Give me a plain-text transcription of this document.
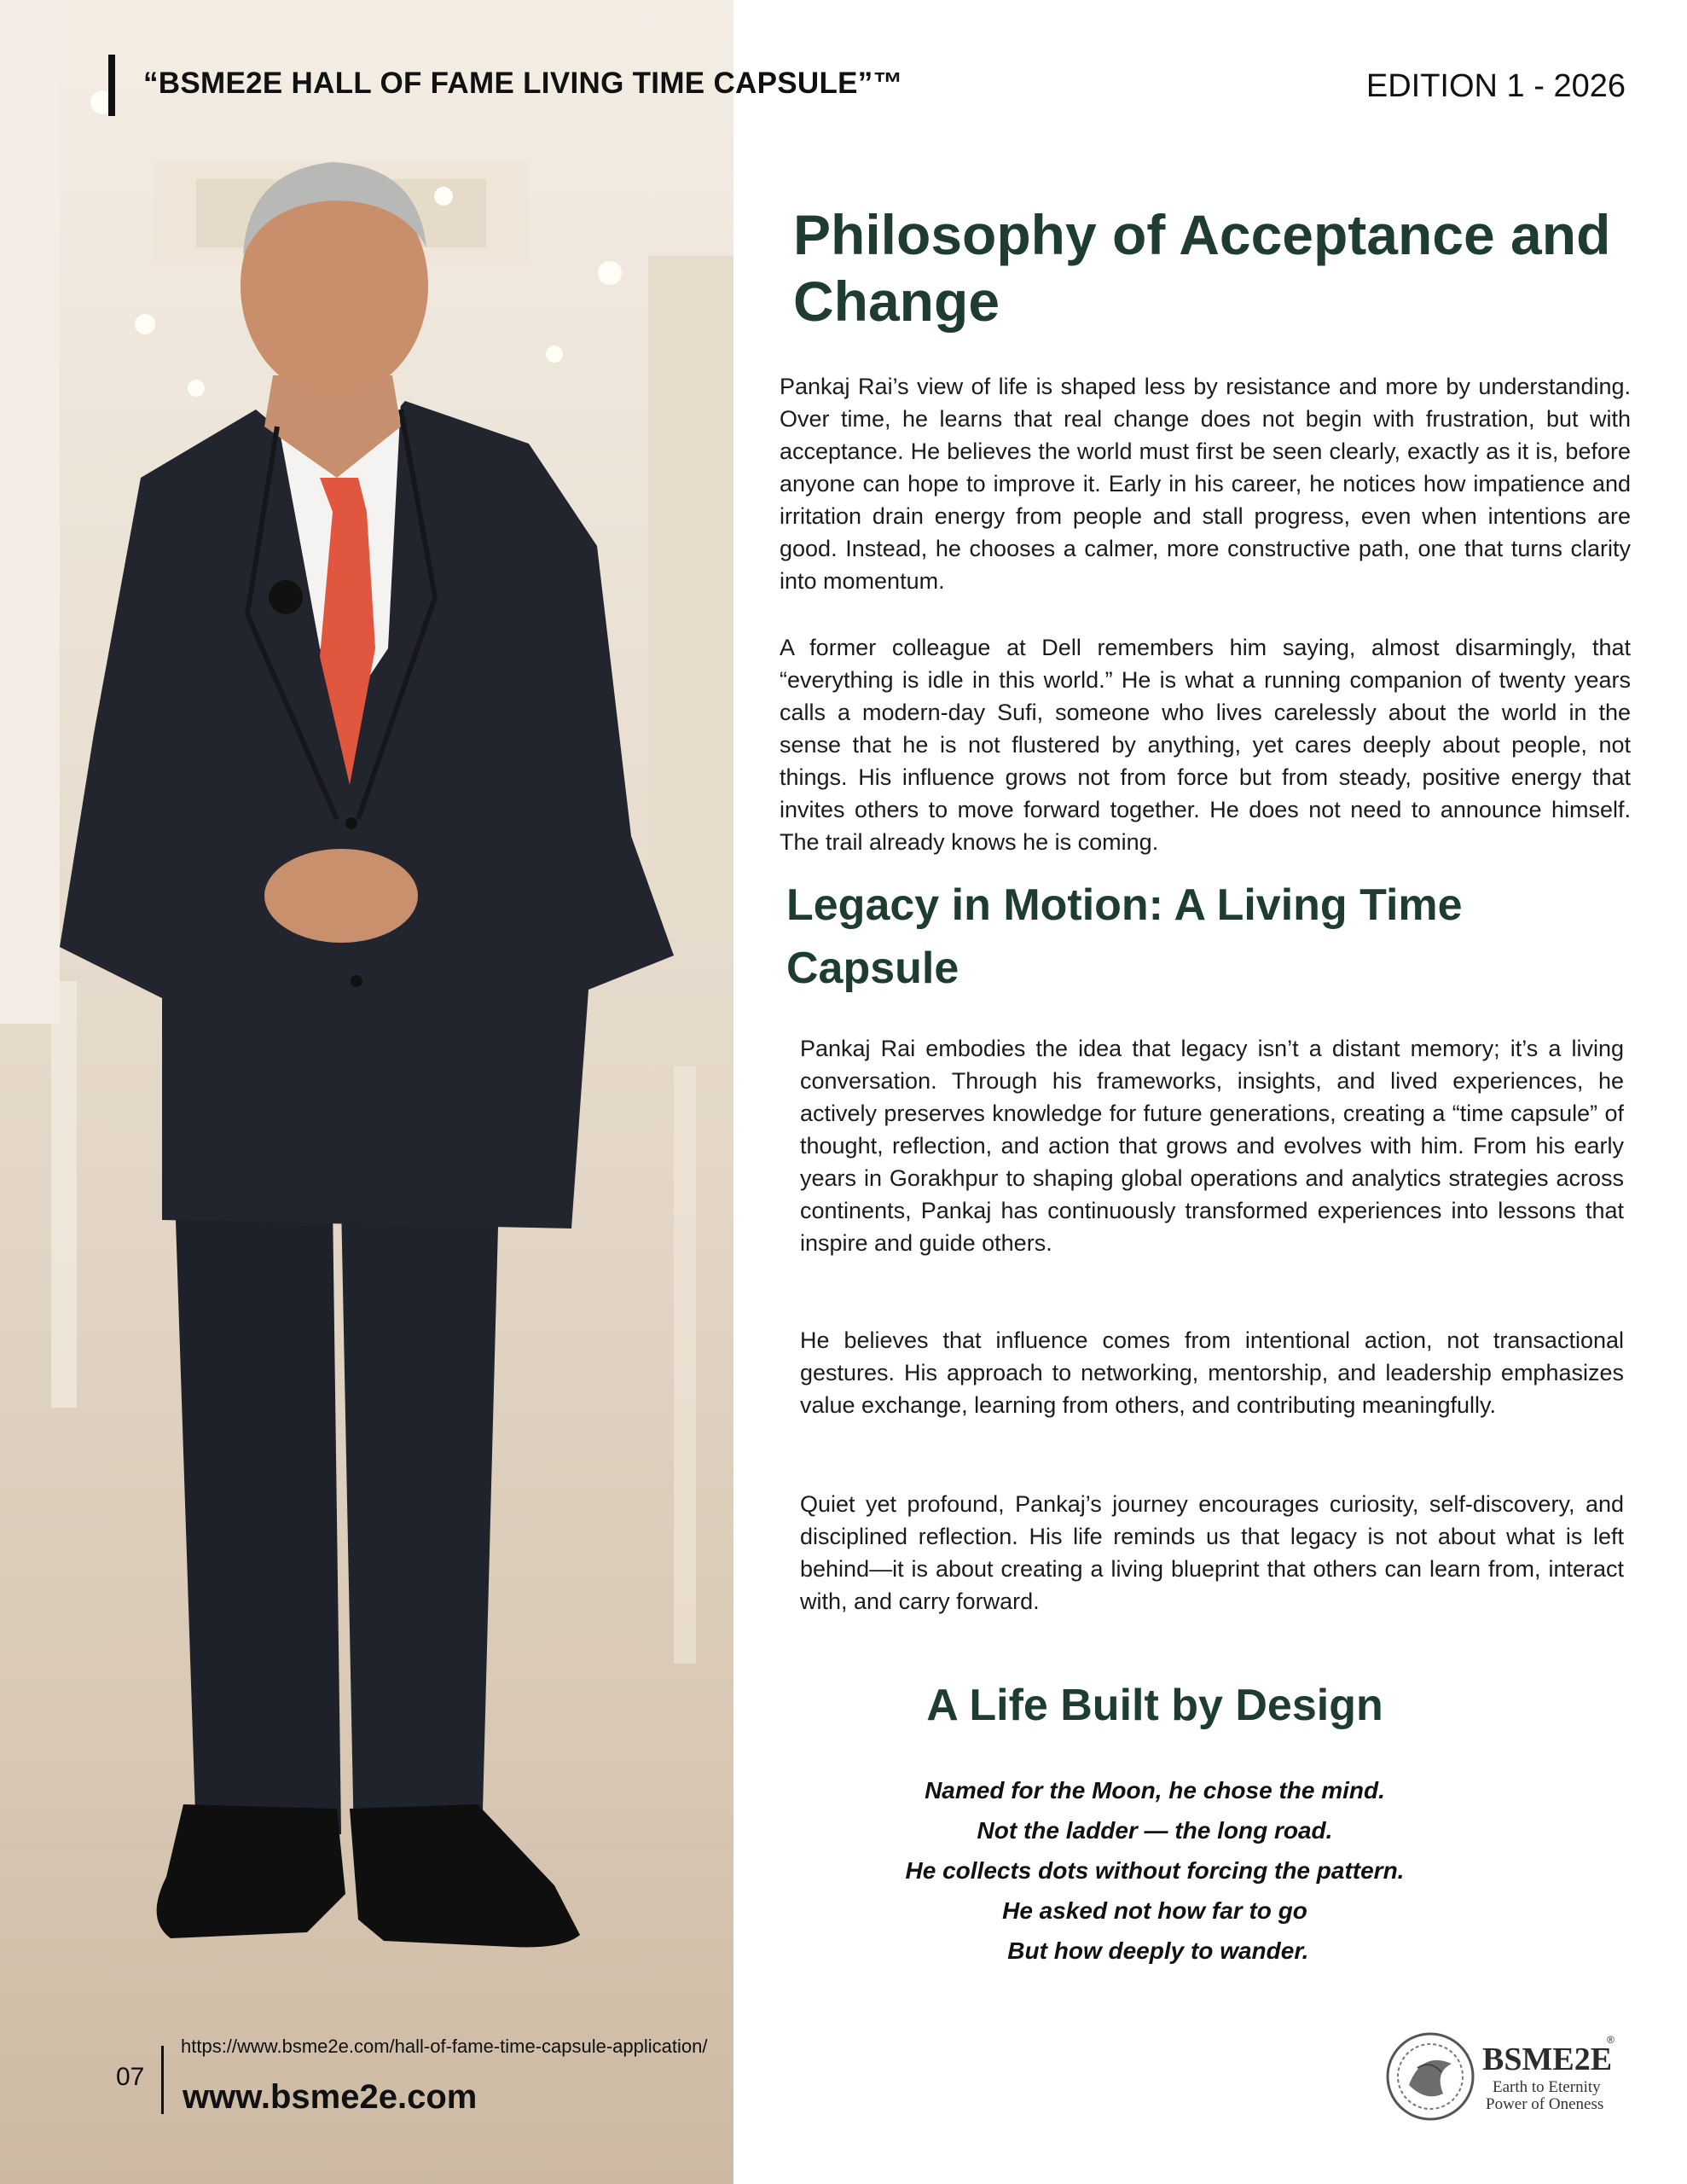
“BSME2E HALL OF FAME LIVING TIME CAPSULE”™	EDITION 1 - 2026
Philosophy of Acceptance and Change

Pankaj Rai’s view of life is shaped less by resistance and more by understanding. Over time, he learns that real change does not begin with frustration, but with acceptance. He believes the world must first be seen clearly, exactly as it is, before anyone can hope to improve it. Early in his career, he notices how impatience and irritation drain energy from people and stall progress, even when intentions are good. Instead, he chooses a calmer, more constructive path, one that turns clarity into momentum.

A former colleague at Dell remembers him saying, almost disarmingly, that “everything is idle in this world.” He is what a running companion of twenty years calls a modern-day Sufi, someone who lives carelessly about the world in the sense that he is not flustered by anything, yet cares deeply about people, not things. His influence grows not from force but from steady, positive energy that invites others to move forward together. He does not need to announce himself. The trail already knows he is coming.

Legacy in Motion: A Living Time Capsule

Pankaj Rai embodies the idea that legacy isn’t a distant memory; it’s a living conversation. Through his frameworks, insights, and lived experiences, he actively preserves knowledge for future generations, creating a “time capsule” of thought, reflection, and action that grows and evolves with him. From his early years in Gorakhpur to shaping global operations and analytics strategies across continents, Pankaj has continuously transformed experiences into lessons that inspire and guide others.

He believes that influence comes from intentional action, not transactional gestures. His approach to networking, mentorship, and leadership emphasizes value exchange, learning from others, and contributing meaningfully.

Quiet yet profound, Pankaj’s journey encourages curiosity, self-discovery, and disciplined reflection. His life reminds us that legacy is not about what is left behind—it is about creating a living blueprint that others can learn from, interact with, and carry forward.

A Life Built by Design
Named for the Moon, he chose the mind.
Not the ladder — the long road.
He collects dots without forcing the pattern.
He asked not how far to go
But how deeply to wander.
07
https://www.bsme2e.com/hall-of-fame-time-capsule-application/
www.bsme2e.com
BSME2E
®
Earth to Eternity
Power of Oneness
